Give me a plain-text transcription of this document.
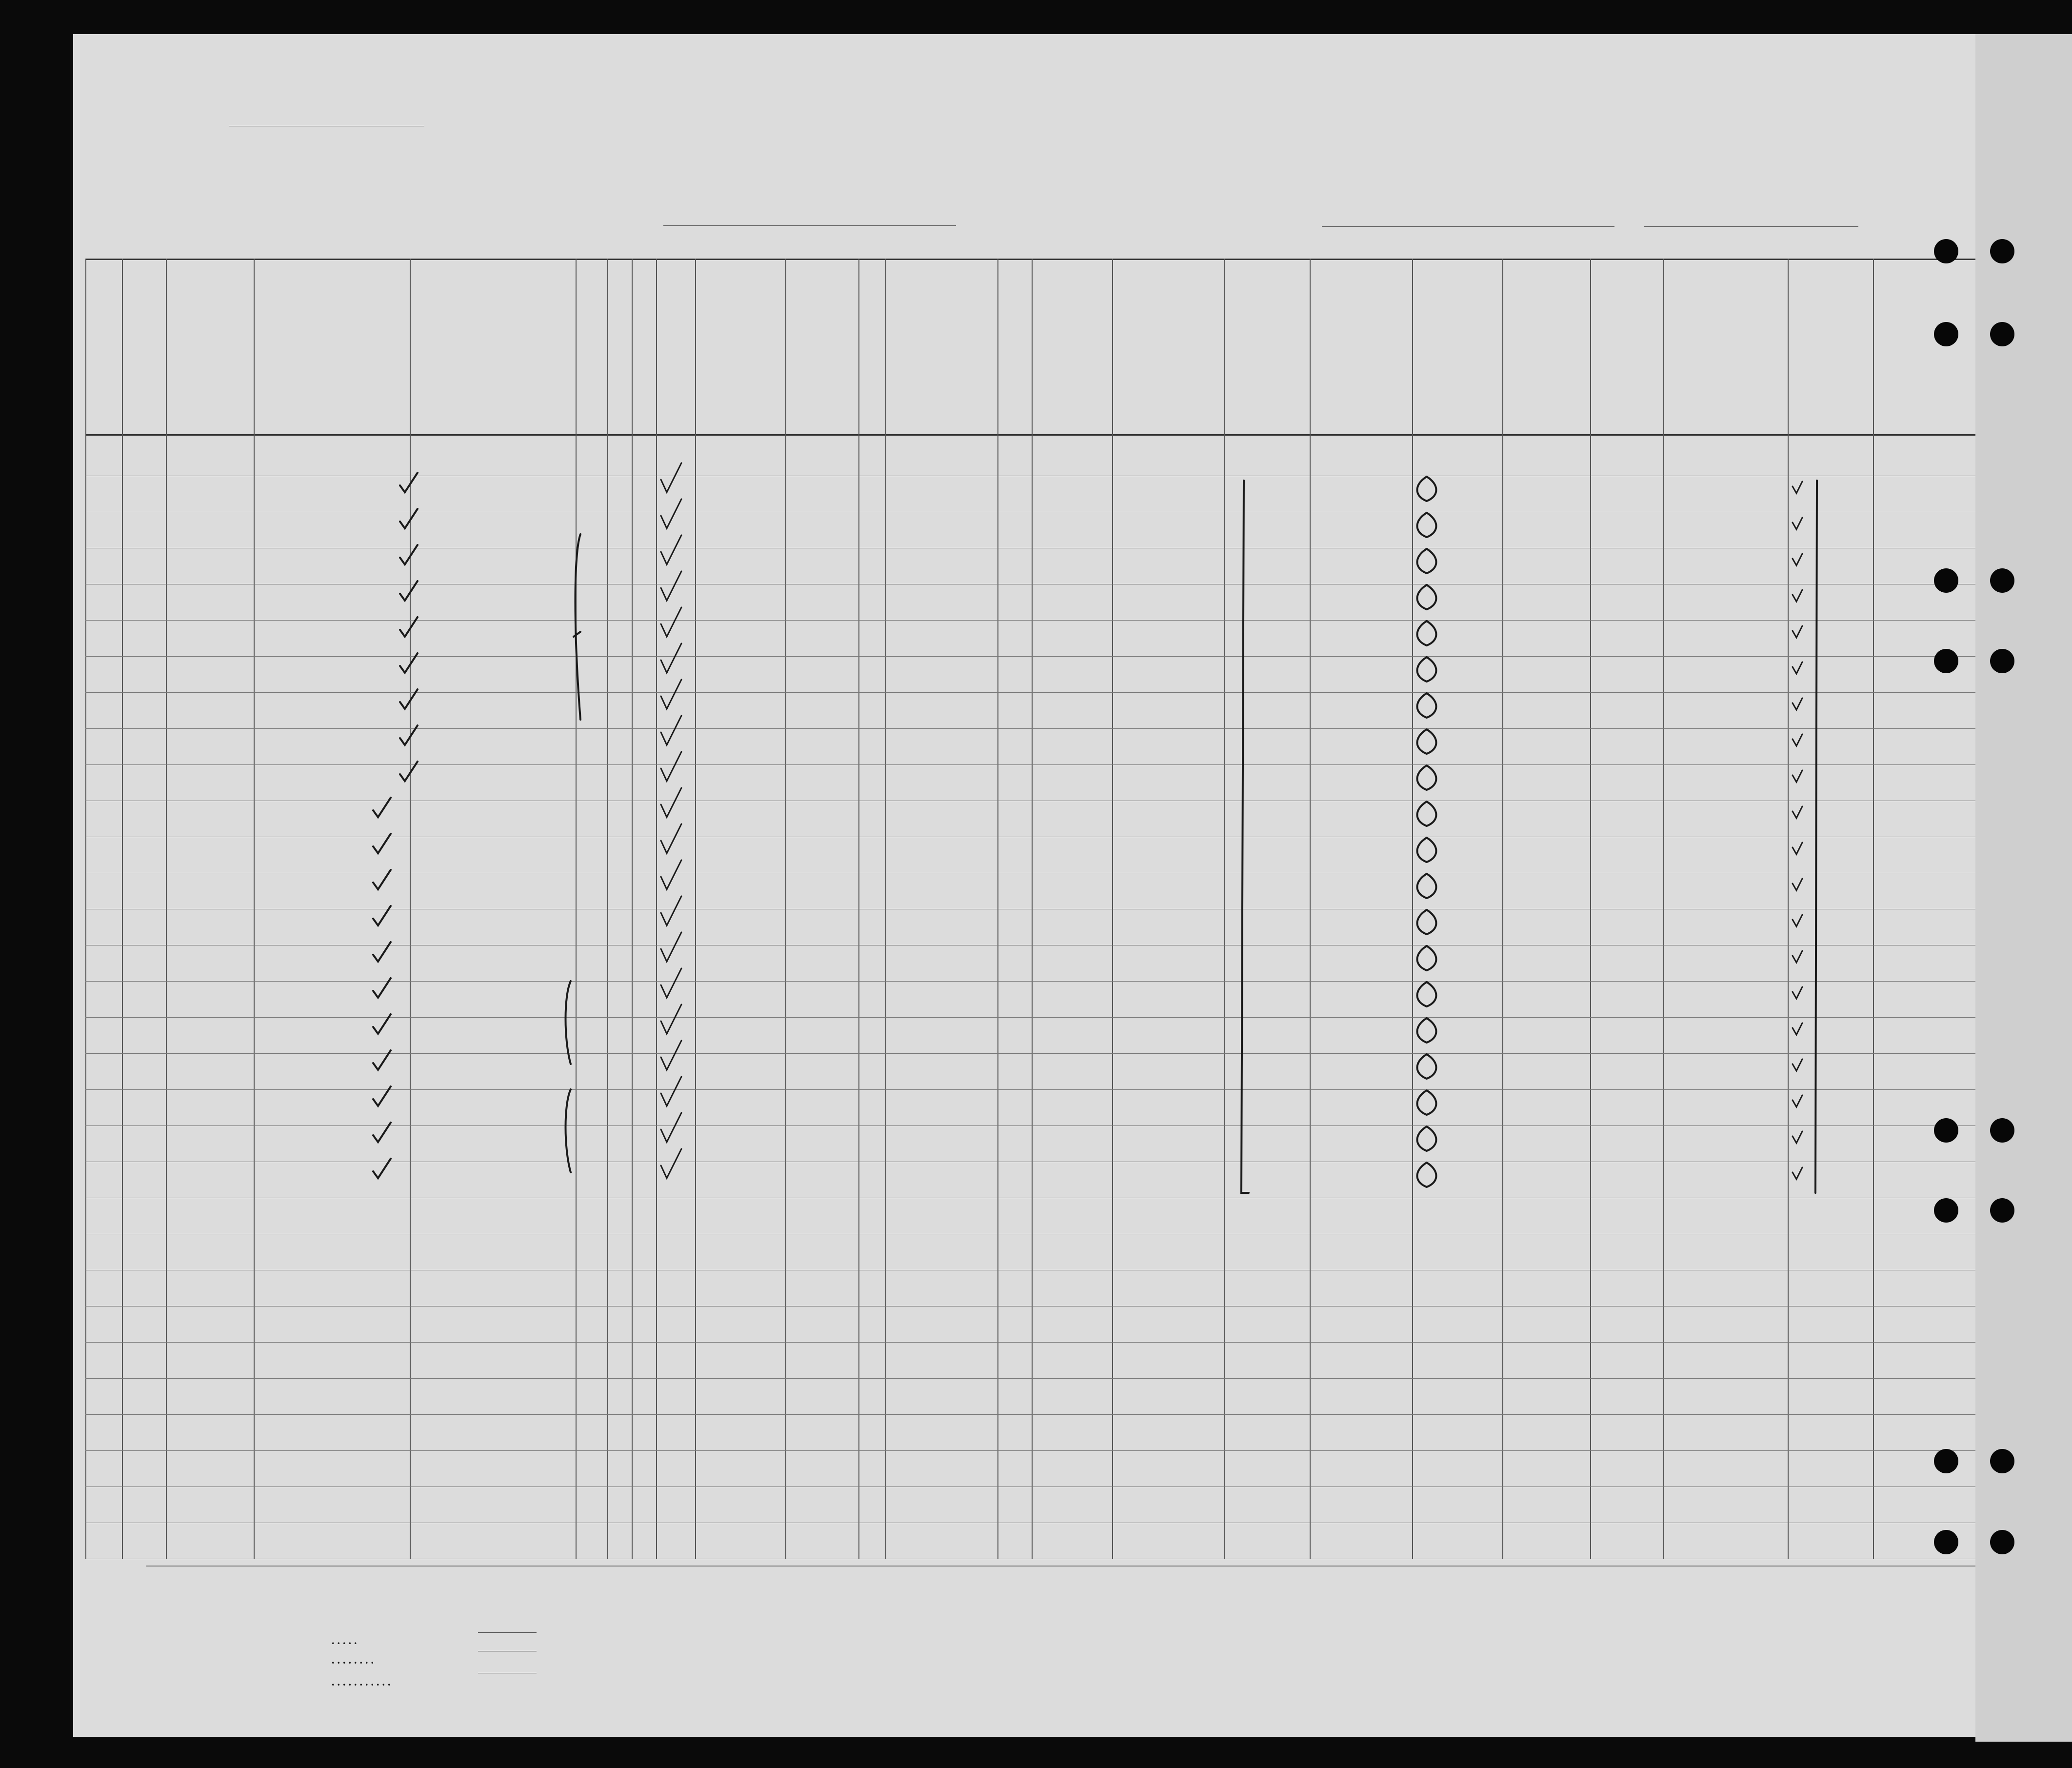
.....
........
...........
